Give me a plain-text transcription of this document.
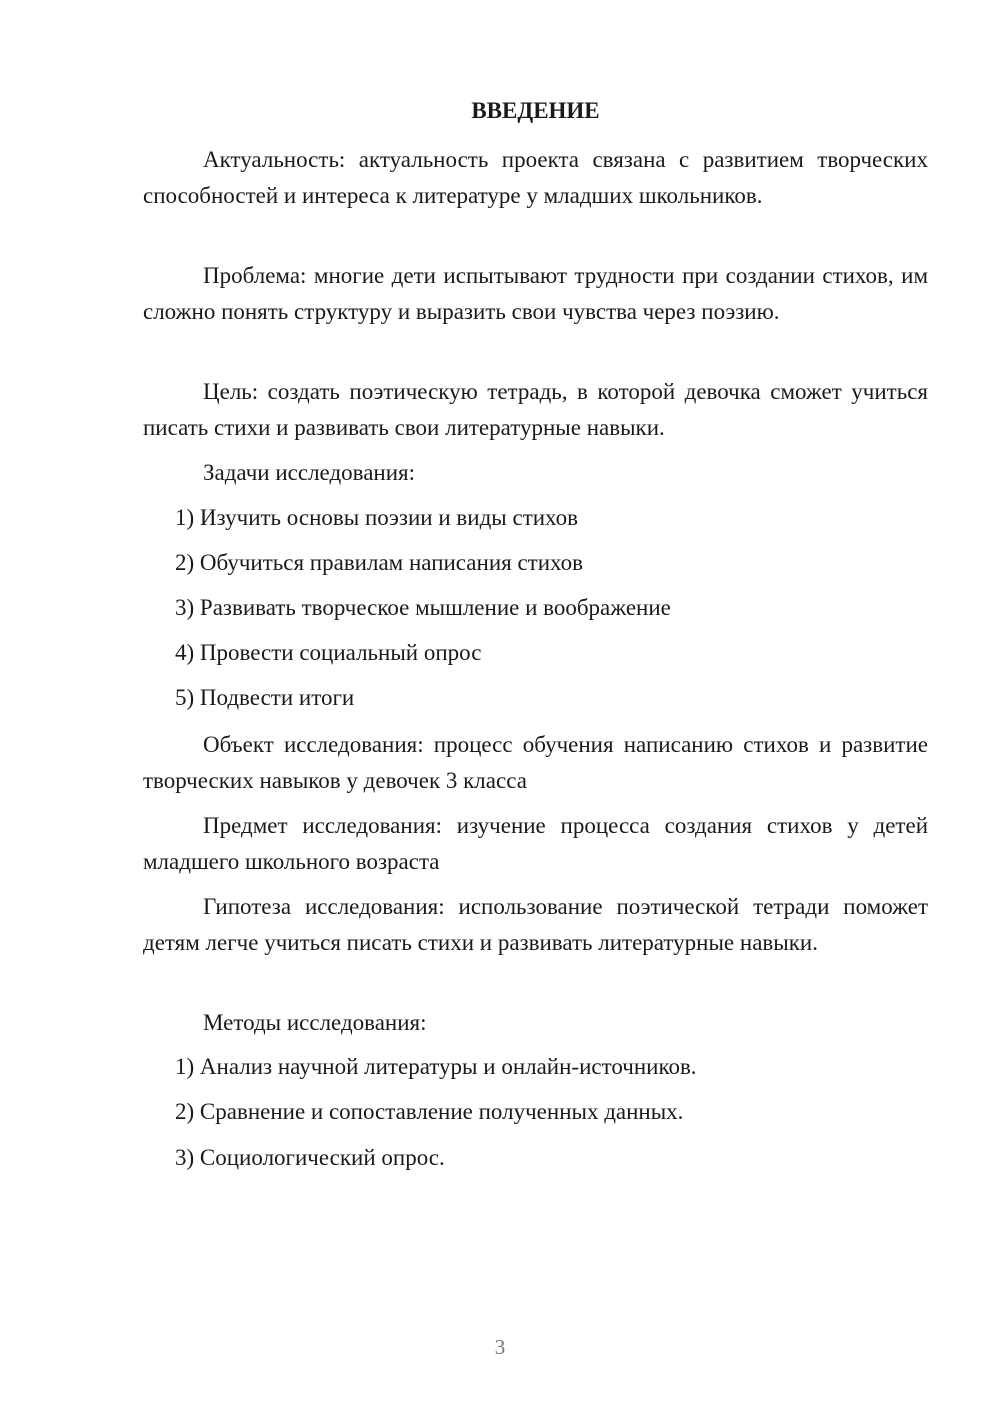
ВВЕДЕНИЕ

Актуальность: актуальность проекта связана с развитием творческих способностей и интереса к литературе у младших школьников.

Проблема: многие дети испытывают трудности при создании стихов, им сложно понять структуру и выразить свои чувства через поэзию.

Цель: создать поэтическую тетрадь, в которой девочка сможет учиться писать стихи и развивать свои литературные навыки.

Задачи исследования:

1) Изучить основы поэзии и виды стихов

2) Обучиться правилам написания стихов

3) Развивать творческое мышление и воображение

4) Провести социальный опрос

5) Подвести итоги

Объект исследования: процесс обучения написанию стихов и развитие творческих навыков у девочек 3 класса

Предмет исследования: изучение процесса создания стихов у детей младшего школьного возраста

Гипотеза исследования: использование поэтической тетради поможет детям легче учиться писать стихи и развивать литературные навыки.

Методы исследования:

1) Анализ научной литературы и онлайн-источников.

2) Сравнение и сопоставление полученных данных.

3) Социологический опрос.

3
